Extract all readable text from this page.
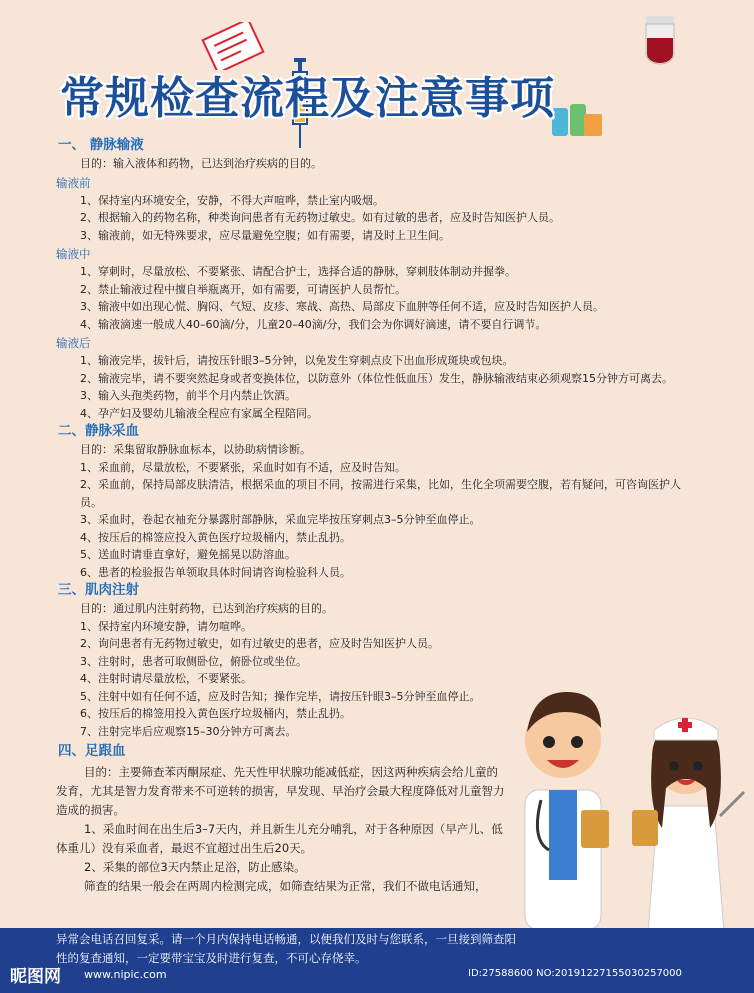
常规检查流程及注意事项
一、 静脉输液
目的：输入液体和药物，已达到治疗疾病的目的。
输液前
1、保持室内环境安全，安静，不得大声喧哗，禁止室内吸烟。
2、根据输入的药物名称，种类询问患者有无药物过敏史。如有过敏的患者，应及时告知医护人员。
3、输液前，如无特殊要求，应尽量避免空腹；如有需要，请及时上卫生间。
输液中
1、穿刺时，尽量放松、不要紧张、请配合护士，选择合适的静脉，穿刺肢体制动并握拳。
2、禁止输液过程中擅自举瓶离开，如有需要，可请医护人员帮忙。
3、输液中如出现心慌、胸闷、气短、皮疹、寒战、高热、局部皮下血肿等任何不适，应及时告知医护人员。
4、输液滴速一般成人40–60滴/分，儿童20–40滴/分，我们会为你调好滴速，请不要自行调节。
输液后
1、输液完毕，拔针后，请按压针眼3–5分钟，以免发生穿刺点皮下出血形成斑块或包块。
2、输液完毕，请不要突然起身或者变换体位，以防意外（体位性低血压）发生，静脉输液结束必须观察15分钟方可离去。
3、输入头孢类药物，前半个月内禁止饮酒。
4、孕产妇及婴幼儿输液全程应有家属全程陪同。
二、静脉采血
目的：采集留取静脉血标本，以协助病情诊断。
1、采血前，尽量放松，不要紧张，采血时如有不适，应及时告知。
2、采血前，保持局部皮肤清洁，根据采血的项目不同，按需进行采集，比如，生化全项需要空腹，若有疑问，可咨询医护人员。
3、采血时，卷起衣袖充分暴露肘部静脉，采血完毕按压穿刺点3–5分钟至血停止。
4、按压后的棉签应投入黄色医疗垃圾桶内，禁止乱扔。
5、送血时请垂直拿好，避免摇晃以防溶血。
6、患者的检验报告单领取具体时间请咨询检验科人员。
三、肌肉注射
目的：通过肌内注射药物，已达到治疗疾病的目的。
1、保持室内环境安静，请勿喧哗。
2、询问患者有无药物过敏史，如有过敏史的患者，应及时告知医护人员。
3、注射时，患者可取侧卧位，俯卧位或坐位。
4、注射时请尽量放松，不要紧张。
5、注射中如有任何不适，应及时告知；操作完毕，请按压针眼3–5分钟至血停止。
6、按压后的棉签用投入黄色医疗垃圾桶内，禁止乱扔。
7、注射完毕后应观察15–30分钟方可离去。
四、足跟血
目的：主要筛查苯丙酮尿症、先天性甲状腺功能减低症，因这两种疾病会给儿童的发育，尤其是智力发育带来不可逆转的损害，早发现、早治疗会最大程度降低对儿童智力造成的损害。
1、采血时间在出生后3–7天内，并且新生儿充分哺乳，对于各种原因（早产儿、低体重儿）没有采血者，最迟不宜超过出生后20天。
2、采集的部位3天内禁止足浴，防止感染。
筛查的结果一般会在两周内检测完成，如筛查结果为正常，我们不做电话通知，
异常会电话召回复采。请一个月内保持电话畅通，以便我们及时与您联系，一旦接到筛查阳性的复查通知，一定要带宝宝及时进行复查，不可心存侥幸。
昵图网 www.nipic.com	ID:27588600 NO:20191227155030257000
